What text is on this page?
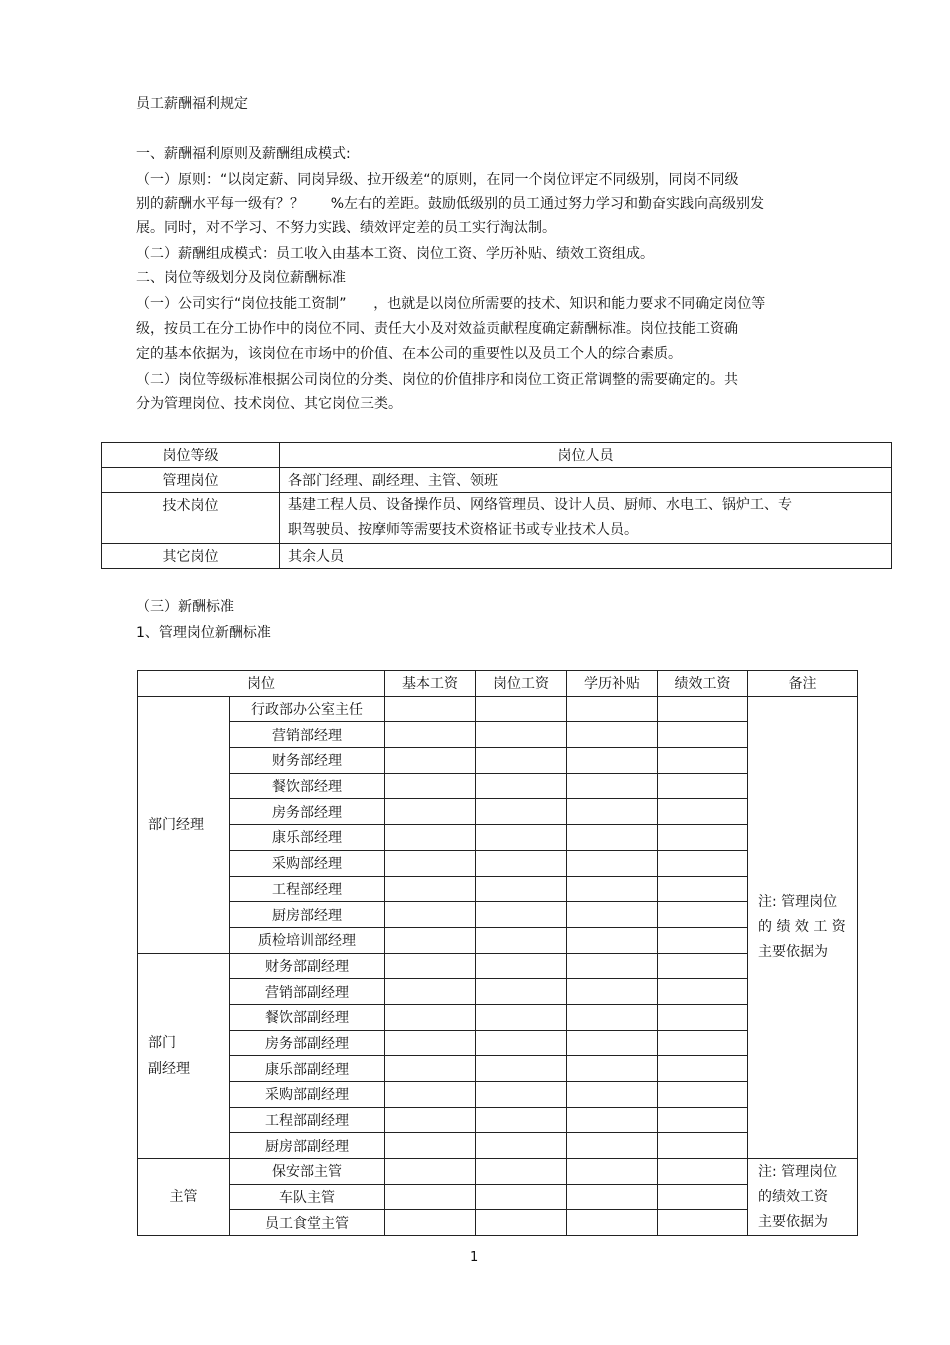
员工薪酬福利规定
一、薪酬福利原则及薪酬组成模式:
（一）原则：“以岗定薪、同岗异级、拉开级差“的原则，在同一个岗位评定不同级别，同岗不同级
别的薪酬水平每一级有？？      %左右的差距。鼓励低级别的员工通过努力学习和勤奋实践向高级别发
展。同时，对不学习、不努力实践、绩效评定差的员工实行淘汰制。
（二）薪酬组成模式：员工收入由基本工资、岗位工资、学历补贴、绩效工资组成。
二、岗位等级划分及岗位薪酬标准
（一）公司实行“岗位技能工资制”      ，也就是以岗位所需要的技术、知识和能力要求不同确定岗位等
级，按员工在分工协作中的岗位不同、责任大小及对效益贡献程度确定薪酬标准。岗位技能工资确
定的基本依据为，该岗位在市场中的价值、在本公司的重要性以及员工个人的综合素质。
（二）岗位等级标准根据公司岗位的分类、岗位的价值排序和岗位工资正常调整的需要确定的。共
分为管理岗位、技术岗位、其它岗位三类。
岗位等级	岗位人员
管理岗位	各部门经理、副经理、主管、领班
技术岗位	基建工程人员、设备操作员、网络管理员、设计人员、厨师、水电工、锅炉工、专
职驾驶员、按摩师等需要技术资格证书或专业技术人员。

其它岗位	其余人员
（三）新酬标准
1、管理岗位新酬标准
岗位		基本工资	岗位工资	学历补贴	绩效工资	备注
部门经理	行政部办公室主任					注: 管理岗位
的 绩 效 工 资
主要依据为

	营销部经理					
	财务部经理					
	餐饮部经理					
	房务部经理					
	康乐部经理					
	采购部经理					
	工程部经理					
	厨房部经理					
	质检培训部经理					

部门
副经理	财务部副经理					
	营销部副经理					
	餐饮部副经理					
	房务部副经理					
	康乐部副经理					
	采购部副经理					
	工程部副经理					
	厨房部副经理					
主管	保安部主管					注: 管理岗位
的绩效工资
主要依据为

	车队主管					
	员工食堂主管					
1
